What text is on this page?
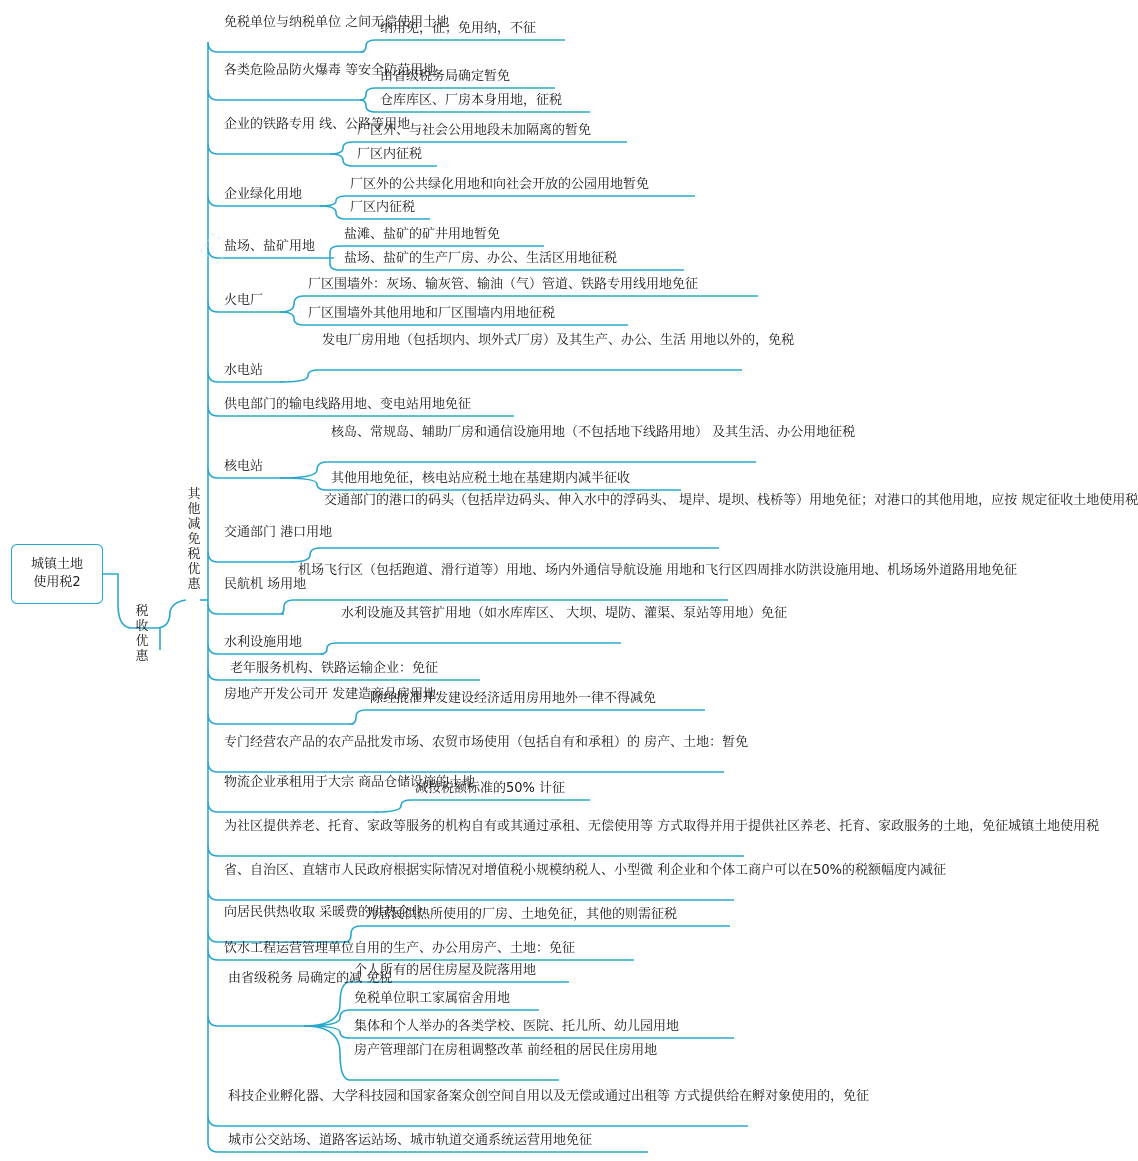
⬚
城镇土地
使用税2
税收优惠
其他减免税优惠
免税单位与纳税单位 之间无偿使用土地
纳用免，征；免用纳，不征
各类危险品防火爆毒 等安全防范用地
由省级税务局确定暂免
仓库库区、厂房本身用地，征税
企业的铁路专用 线、公路等用地
厂区外、与社会公用地段未加隔离的暂免
厂区内征税
企业绿化用地
厂区外的公共绿化用地和向社会开放的公园用地暂免
厂区内征税
盐场、盐矿用地
盐滩、盐矿的矿井用地暂免
盐场、盐矿的生产厂房、办公、生活区用地征税
火电厂
厂区围墙外：灰场、输灰管、输油（气）管道、铁路专用线用地免征
厂区围墙外其他用地和厂区围墙内用地征税
水电站
发电厂房用地（包括坝内、坝外式厂房）及其生产、办公、生活 用地以外的，免税
供电部门的输电线路用地、变电站用地免征
核电站
核岛、常规岛、辅助厂房和通信设施用地（不包括地下线路用地） 及其生活、办公用地征税
其他用地免征，核电站应税土地在基建期内减半征收
交通部门 港口用地
交通部门的港口的码头（包括岸边码头、伸入水中的浮码头、 堤岸、堤坝、栈桥等）用地免征；对港口的其他用地，应按 规定征收土地使用税
民航机 场用地
机场飞行区（包括跑道、滑行道等）用地、场内外通信导航设施 用地和飞行区四周排水防洪设施用地、机场场外道路用地免征
水利设施用地
水利设施及其管扩用地（如水库库区、 大坝、堤防、灌渠、泵站等用地）免征
老年服务机构、铁路运输企业：免征
房地产开发公司开 发建造商品房用地
除经批准开发建设经济适用房用地外一律不得减免
专门经营农产品的农产品批发市场、农贸市场使用（包括自有和承租）的 房产、土地：暂免
物流企业承租用于大宗 商品仓储设施的土地
减按税额标准的50% 计征
为社区提供养老、托育、家政等服务的机构自有或其通过承租、无偿使用等 方式取得并用于提供社区养老、托育、家政服务的土地，免征城镇土地使用税
省、自治区、直辖市人民政府根据实际情况对增值税小规模纳税人、小型微 利企业和个体工商户可以在50%的税额幅度内减征
向居民供热收取 采暖费的供热企业
为居民供热所使用的厂房、土地免征，其他的则需征税
饮水工程运营管理单位自用的生产、办公用房产、土地：免征
由省级税务 局确定的减 免税
个人所有的居住房屋及院落用地
免税单位职工家属宿舍用地
集体和个人举办的各类学校、医院、托儿所、幼儿园用地
房产管理部门在房租调整改革 前经租的居民住房用地
科技企业孵化器、大学科技园和国家备案众创空间自用以及无偿或通过出租等 方式提供给在孵对象使用的，免征
城市公交站场、道路客运站场、城市轨道交通系统运营用地免征
